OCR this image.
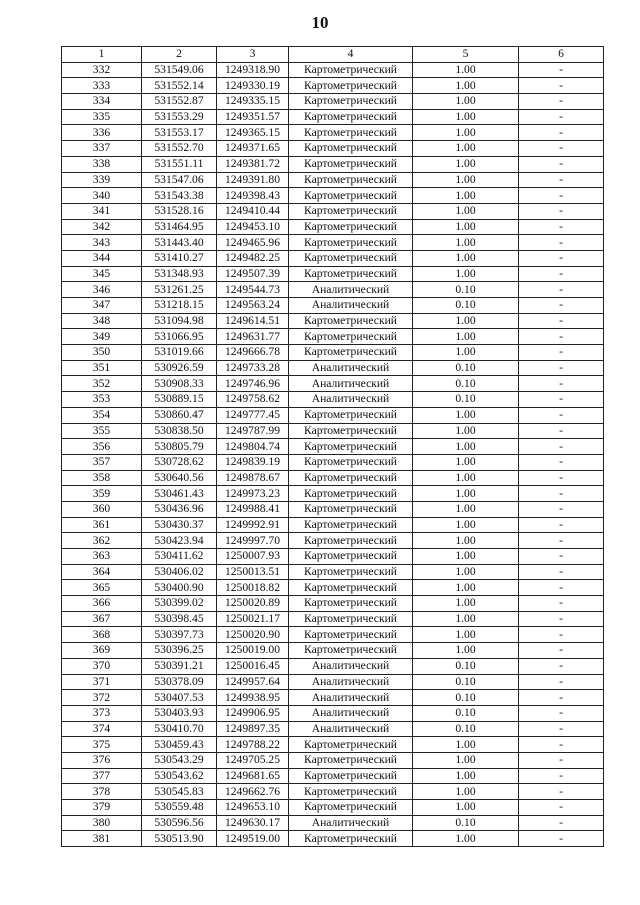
10
1	2	3	4	5	6
332	531549.06	1249318.90	Картометрический	1.00	-
333	531552.14	1249330.19	Картометрический	1.00	-
334	531552.87	1249335.15	Картометрический	1.00	-
335	531553.29	1249351.57	Картометрический	1.00	-
336	531553.17	1249365.15	Картометрический	1.00	-
337	531552.70	1249371.65	Картометрический	1.00	-
338	531551.11	1249381.72	Картометрический	1.00	-
339	531547.06	1249391.80	Картометрический	1.00	-
340	531543.38	1249398.43	Картометрический	1.00	-
341	531528.16	1249410.44	Картометрический	1.00	-
342	531464.95	1249453.10	Картометрический	1.00	-
343	531443.40	1249465.96	Картометрический	1.00	-
344	531410.27	1249482.25	Картометрический	1.00	-
345	531348.93	1249507.39	Картометрический	1.00	-
346	531261.25	1249544.73	Аналитический	0.10	-
347	531218.15	1249563.24	Аналитический	0.10	-
348	531094.98	1249614.51	Картометрический	1.00	-
349	531066.95	1249631.77	Картометрический	1.00	-
350	531019.66	1249666.78	Картометрический	1.00	-
351	530926.59	1249733.28	Аналитический	0.10	-
352	530908.33	1249746.96	Аналитический	0.10	-
353	530889.15	1249758.62	Аналитический	0.10	-
354	530860.47	1249777.45	Картометрический	1.00	-
355	530838.50	1249787.99	Картометрический	1.00	-
356	530805.79	1249804.74	Картометрический	1.00	-
357	530728.62	1249839.19	Картометрический	1.00	-
358	530640.56	1249878.67	Картометрический	1.00	-
359	530461.43	1249973.23	Картометрический	1.00	-
360	530436.96	1249988.41	Картометрический	1.00	-
361	530430.37	1249992.91	Картометрический	1.00	-
362	530423.94	1249997.70	Картометрический	1.00	-
363	530411.62	1250007.93	Картометрический	1.00	-
364	530406.02	1250013.51	Картометрический	1.00	-
365	530400.90	1250018.82	Картометрический	1.00	-
366	530399.02	1250020.89	Картометрический	1.00	-
367	530398.45	1250021.17	Картометрический	1.00	-
368	530397.73	1250020.90	Картометрический	1.00	-
369	530396.25	1250019.00	Картометрический	1.00	-
370	530391.21	1250016.45	Аналитический	0.10	-
371	530378.09	1249957.64	Аналитический	0.10	-
372	530407.53	1249938.95	Аналитический	0.10	-
373	530403.93	1249906.95	Аналитический	0.10	-
374	530410.70	1249897.35	Аналитический	0.10	-
375	530459.43	1249788.22	Картометрический	1.00	-
376	530543.29	1249705.25	Картометрический	1.00	-
377	530543.62	1249681.65	Картометрический	1.00	-
378	530545.83	1249662.76	Картометрический	1.00	-
379	530559.48	1249653.10	Картометрический	1.00	-
380	530596.56	1249630.17	Аналитический	0.10	-
381	530513.90	1249519.00	Картометрический	1.00	-
